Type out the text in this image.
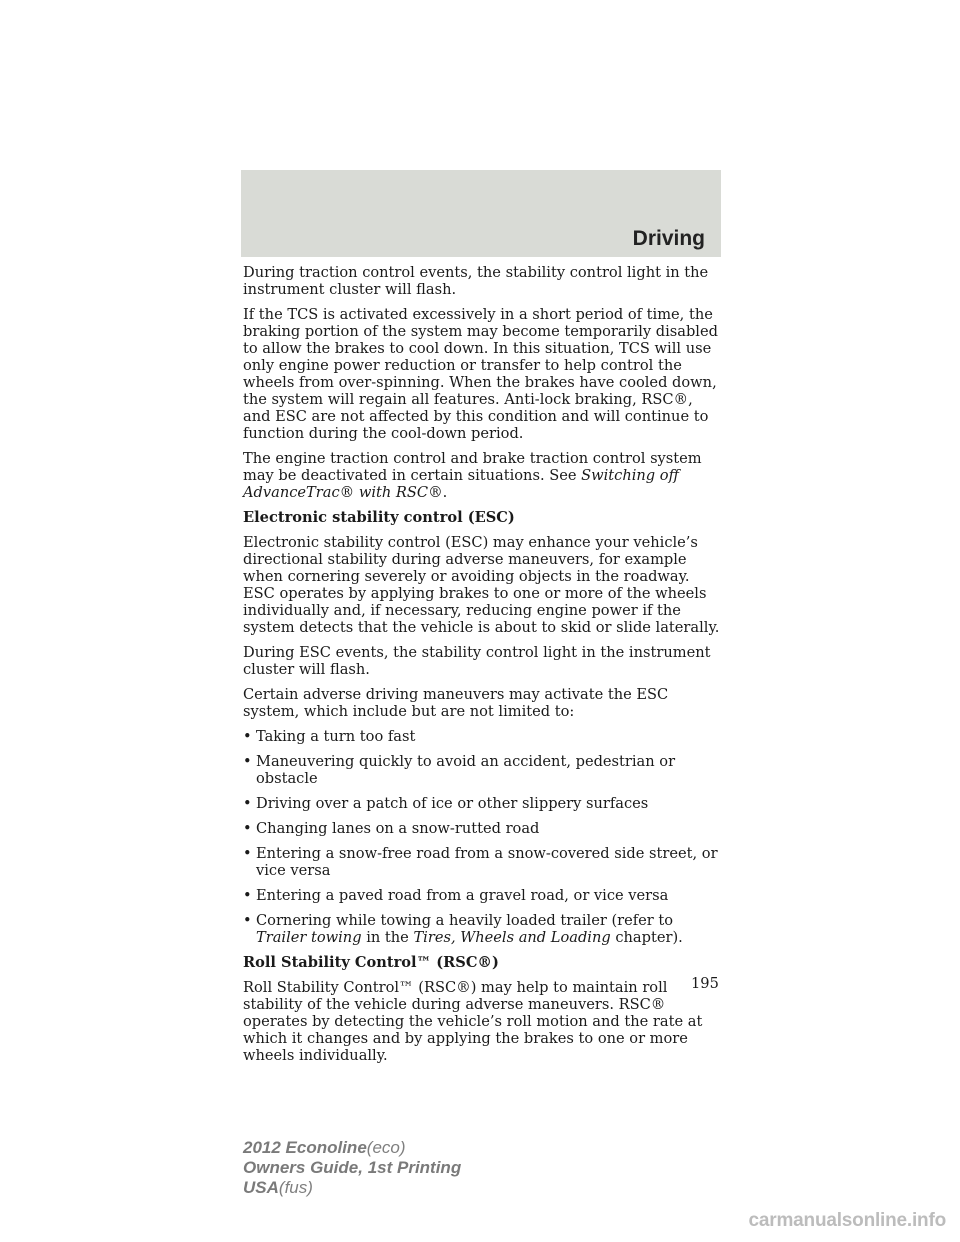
Driving

During traction control events, the stability control light in the instrument cluster will flash.

If the TCS is activated excessively in a short period of time, the braking portion of the system may become temporarily disabled to allow the brakes to cool down. In this situation, TCS will use only engine power reduction or transfer to help control the wheels from over-spinning. When the brakes have cooled down, the system will regain all features. Anti-lock braking, RSC®, and ESC are not affected by this condition and will continue to function during the cool-down period.

The engine traction control and brake traction control system may be deactivated in certain situations. See Switching off AdvanceTrac® with RSC®.

Electronic stability control (ESC)

Electronic stability control (ESC) may enhance your vehicle’s directional stability during adverse maneuvers, for example when cornering severely or avoiding objects in the roadway. ESC operates by applying brakes to one or more of the wheels individually and, if necessary, reducing engine power if the system detects that the vehicle is about to skid or slide laterally.

During ESC events, the stability control light in the instrument cluster will flash.

Certain adverse driving maneuvers may activate the ESC system, which include but are not limited to:

• Taking a turn too fast
• Maneuvering quickly to avoid an accident, pedestrian or obstacle
• Driving over a patch of ice or other slippery surfaces
• Changing lanes on a snow-rutted road
• Entering a snow-free road from a snow-covered side street, or vice versa
• Entering a paved road from a gravel road, or vice versa
• Cornering while towing a heavily loaded trailer (refer to Trailer towing in the Tires, Wheels and Loading chapter).
Roll Stability Control™ (RSC®)

Roll Stability Control™ (RSC®) may help to maintain roll stability of the vehicle during adverse maneuvers. RSC® operates by detecting the vehicle’s roll motion and the rate at which it changes and by applying the brakes to one or more wheels individually.

195
2012 Econoline(eco)
Owners Guide, 1st Printing
USA(fus)
carmanualsonline.info
